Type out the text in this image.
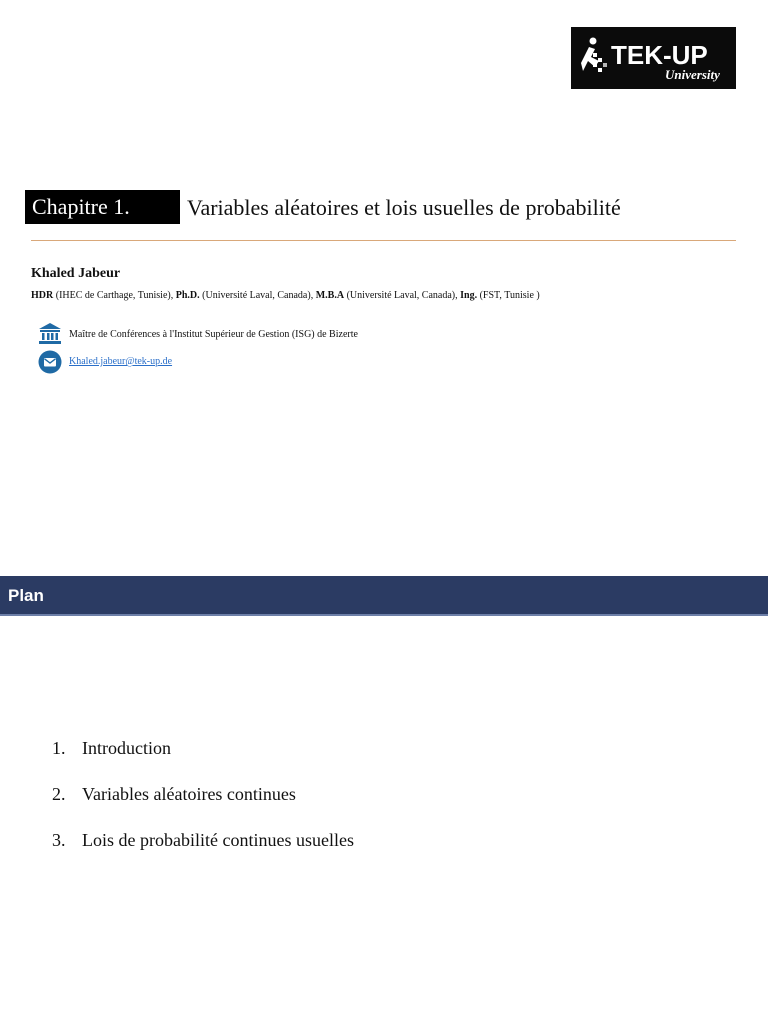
TEK-UP
University
Chapitre 1.	Variables aléatoires et lois usuelles de probabilité
Khaled Jabeur
HDR (IHEC de Carthage, Tunisie), Ph.D. (Université Laval, Canada), M.B.A (Université Laval, Canada), Ing. (FST, Tunisie )
Maître de Conférences à l'Institut Supérieur de Gestion (ISG) de Bizerte
Khaled.jabeur@tek-up.de
Plan
1. Introduction
2. Variables aléatoires continues
3. Lois de probabilité continues usuelles
